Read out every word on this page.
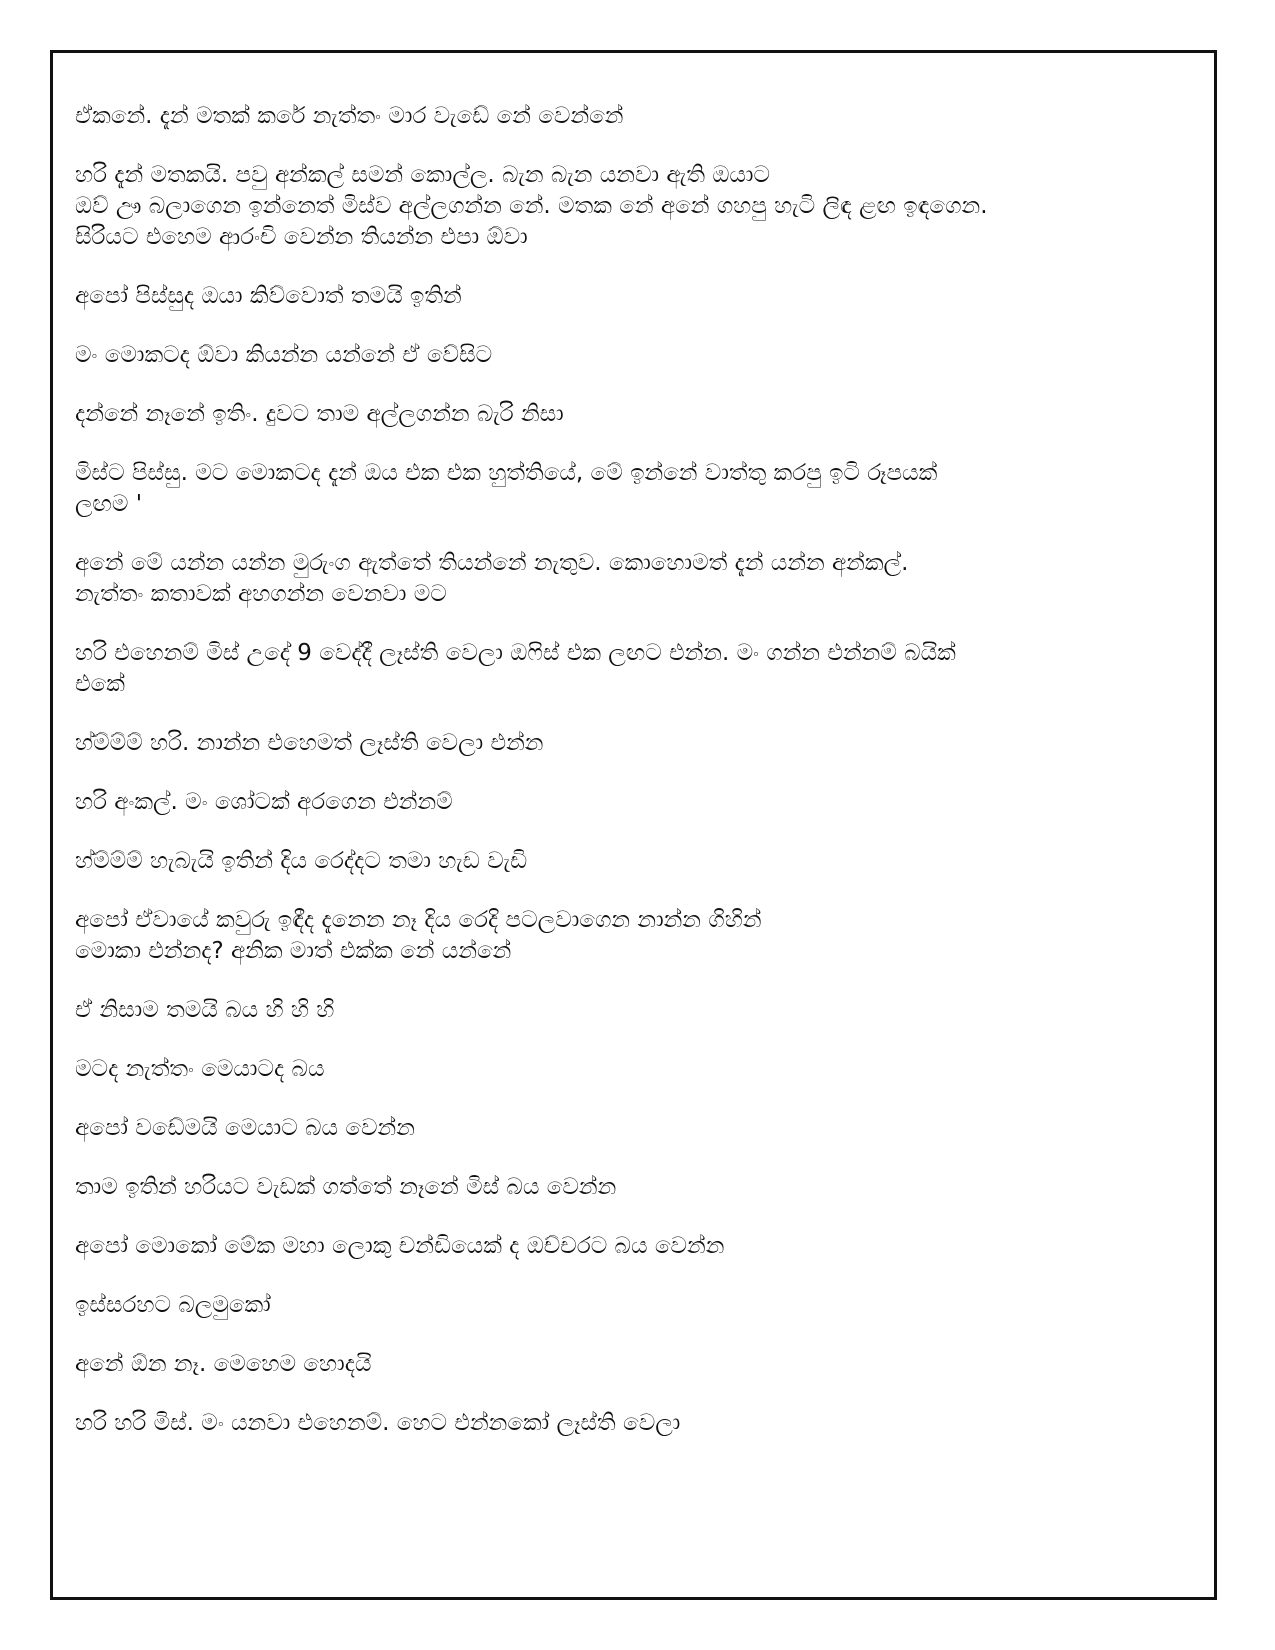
ඒකනේ. දැන් මතක් කරේ නැත්තං මාර වැඩේ නේ වෙන්නේ

හරි දැන් මතකයි. පවු අන්කල් සමන් කොල්ල. බැන බැන යනවා ඇති ඔයාට
ඔව් ඌ බලාගෙන ඉන්නෙත් මිස්ව අල්ලගන්න නේ. මතක නේ අනේ ගහපු හැටි ලිඳ ළඟ ඉඳගෙන.
සිරියට එහෙම ආරංචි වෙන්න තියන්න එපා ඕවා

අපෝ පිස්සුද ඔයා කිව්වොත් තමයි ඉතින්

මං මොකටද ඕවා කියන්න යන්නේ ඒ වේසිට

දන්නේ නෑනේ ඉතිං. දුවට තාම අල්ලගන්න බැරි නිසා

මිස්ට පිස්සු. මට මොකටද දැන් ඔය එක එක හුත්තියේ, මේ ඉන්නේ වාත්තු කරපු ඉටි රූපයක්
ලඟම '

අනේ මේ යන්න යන්න මුරුංග ඇත්තේ තියන්නේ නැතුව. කොහොමත් දැන් යන්න අන්කල්.
නැත්තං කතාවක් අහගන්න වෙනවා මට

හරි එහෙනම් මිස් උදේ 9 වෙද්දී ලෑස්ති වෙලා ඔෆිස් එක ලඟට එන්න. මං ගන්න එන්නම් බයික්
එකේ

හ්ම්ම්ම් හරි. නාන්න එහෙමත් ලෑස්ති වෙලා එන්න

හරි අංකල්. මං ශෝටක් අරගෙන එන්නම්

හ්ම්ම්ම් හැබැයි ඉතින් දිය රෙද්දට තමා හැඩ වැඩි

අපෝ ඒවායේ කවුරු ඉඳීද දැනෙන නෑ දිය රෙදි පටලවාගෙන නාන්න ගිහින්
මොකා එන්නද? අනික මාත් එක්ක නේ යන්නේ

ඒ නිසාම තමයි බය හි හි හි

මටද නැත්තං මෙයාටද බය

අපෝ වඩේමයි මෙයාට බය වෙන්න

තාම ඉතින් හරියට වැඩක් ගත්තේ නෑනේ මිස් බය වෙන්න

අපෝ මොකෝ මේක මහා ලොකු චන්ඩියෙක් ද ඔච්චරට බය වෙන්න

ඉස්සරහට බලමුකෝ

අනේ ඕන නෑ. මෙහෙම හොදයි

හරි හරි මිස්. මං යනවා එහෙනම්. හෙට එන්නකෝ ලෑස්ති වෙලා
